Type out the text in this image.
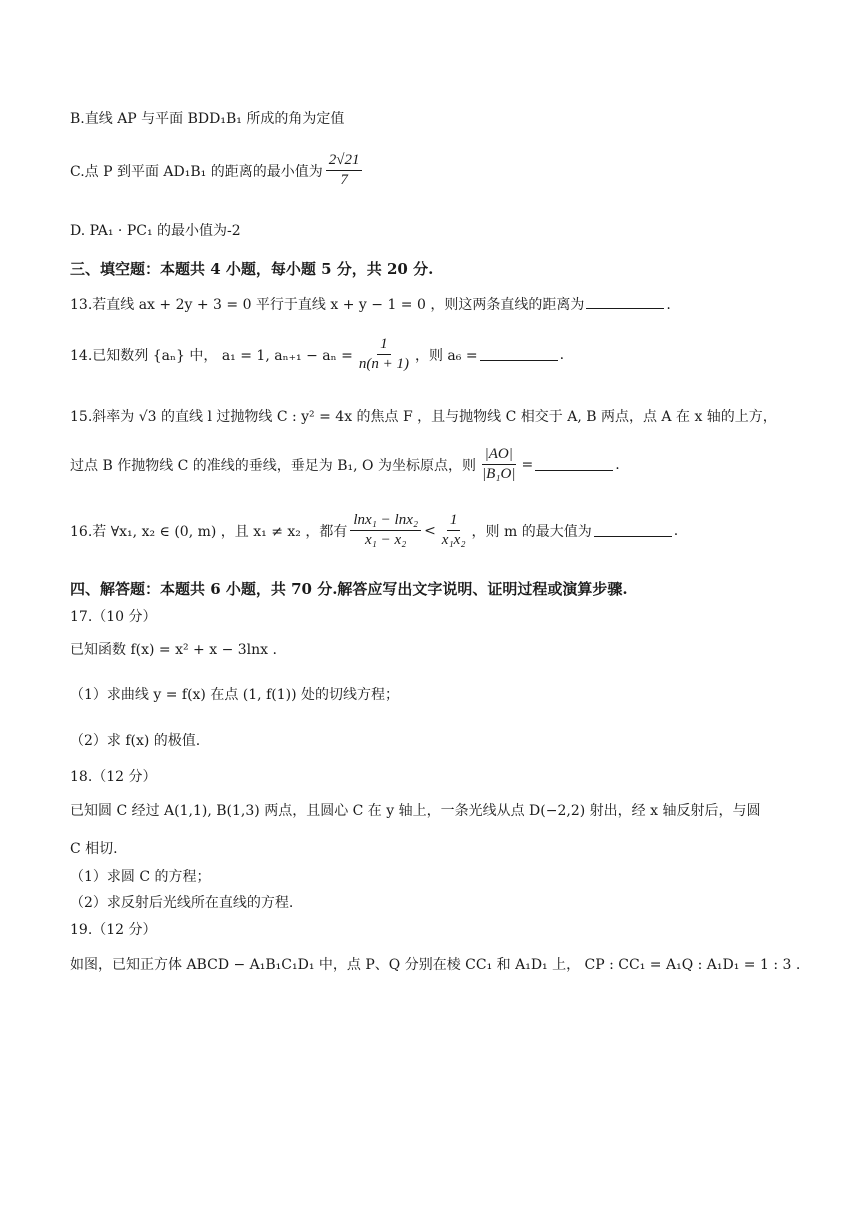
B.直线 AP 与平面 BDD₁B₁ 所成的角为定值
C.点 P 到平面 AD₁B₁ 的距离的最小值为 $\frac{2√21}{7}$
D. PA₁ · PC₁ 的最小值为-2
三、填空题：本题共 4 小题，每小题 5 分，共 20 分.
13.若直线 ax + 2y + 3 = 0 平行于直线 x + y − 1 = 0 ，则这两条直线的距离为	.
14.已知数列 {aₙ} 中， a₁ = 1, $a_{n+1} - a_n = \frac{1}{n(n + 1)}$ ，则 a₆ =	.
15.斜率为 √3 的直线 l 过抛物线 C : y² = 4x 的焦点 F ，且与抛物线 C 相交于 A, B 两点，点 A 在 x 轴的上方，
过点 B 作抛物线 C 的准线的垂线，垂足为 B₁, O 为坐标原点，则 $\frac{|AO|}{\text{|B₁O|}}$ =	.
16.若 ∀x₁, x₂ ∈ (0, m) ，且 x₁ ≠ x₂ ，都有 $\frac{\text{lnx₁ − lnx₂}}{\text{x₁ − x₂}} < \frac{1}{\text{x₁x₂}}$ ，则 m 的最大值为	.
四、解答题：本题共 6 小题，共 70 分.解答应写出文字说明、证明过程或演算步骤.
17.（10 分）
已知函数 f(x) = x² + x − 3lnx .
（1）求曲线 y = f(x) 在点 (1, f(1)) 处的切线方程；
（2）求 f(x) 的极值.
18.（12 分）
已知圆 C 经过 A(1,1), B(1,3) 两点，且圆心 C 在 y 轴上，一条光线从点 D(−2,2) 射出，经 x 轴反射后，与圆
C 相切.
（1）求圆 C 的方程；
（2）求反射后光线所在直线的方程.
19.（12 分）
如图，已知正方体 ABCD − A₁B₁C₁D₁ 中，点 P、Q 分别在棱 CC₁ 和 A₁D₁ 上， CP : CC₁ = A₁Q : A₁D₁ = 1 : 3 .
